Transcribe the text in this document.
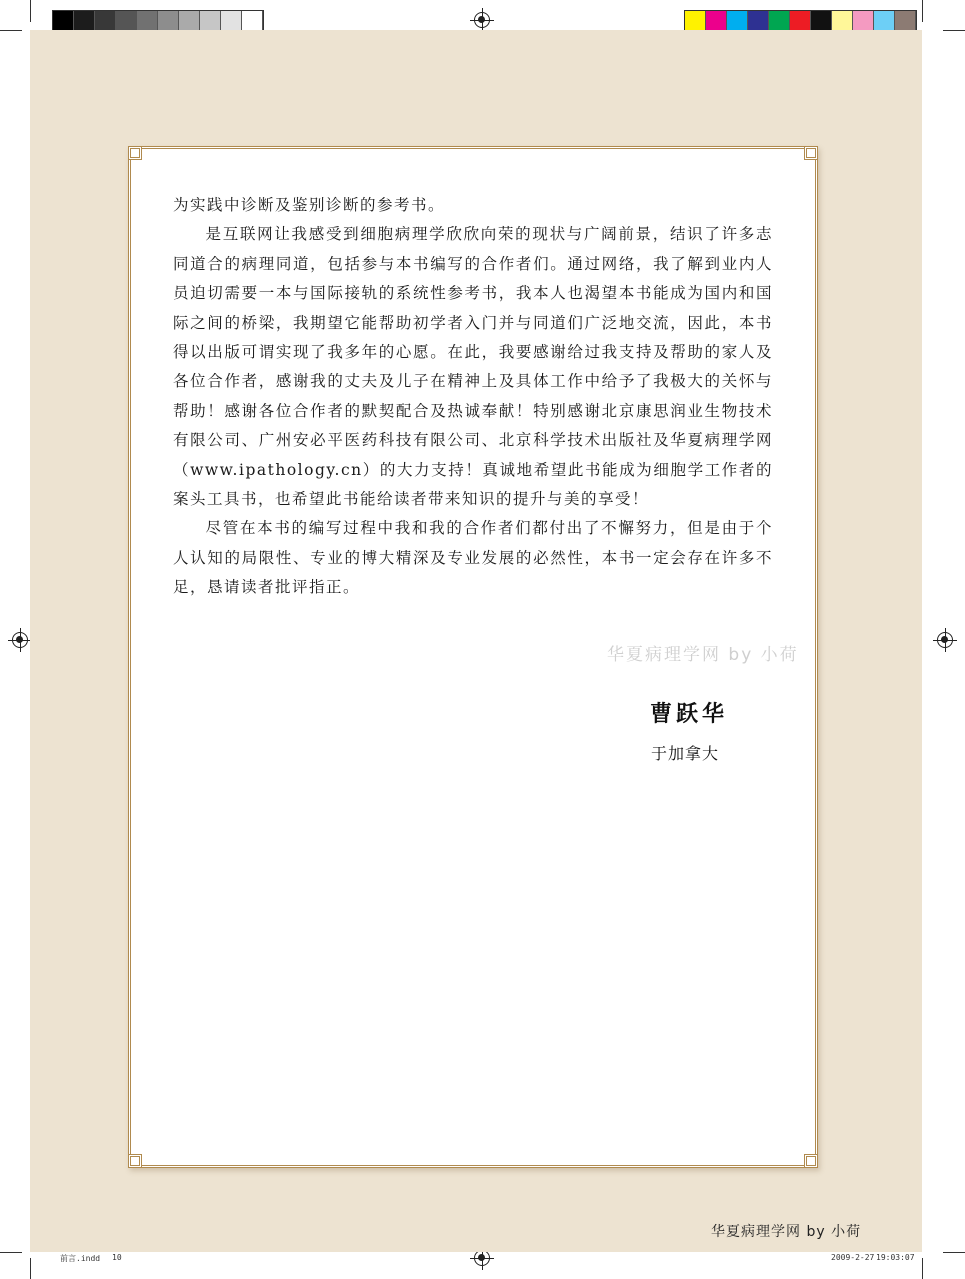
为实践中诊断及鉴别诊断的参考书。

是互联网让我感受到细胞病理学欣欣向荣的现状与广阔前景，结识了许多志同道合的病理同道，包括参与本书编写的合作者们。通过网络，我了解到业内人员迫切需要一本与国际接轨的系统性参考书，我本人也渴望本书能成为国内和国际之间的桥梁，我期望它能帮助初学者入门并与同道们广泛地交流，因此，本书得以出版可谓实现了我多年的心愿。在此，我要感谢给过我支持及帮助的家人及各位合作者，感谢我的丈夫及儿子在精神上及具体工作中给予了我极大的关怀与帮助！感谢各位合作者的默契配合及热诚奉献！特别感谢北京康思润业生物技术有限公司、广州安必平医药科技有限公司、北京科学技术出版社及华夏病理学网（www.ipathology.cn）的大力支持！真诚地希望此书能成为细胞学工作者的案头工具书，也希望此书能给读者带来知识的提升与美的享受！

尽管在本书的编写过程中我和我的合作者们都付出了不懈努力，但是由于个人认知的局限性、专业的博大精深及专业发展的必然性，本书一定会存在许多不足，恳请读者批评指正。

华夏病理学网 by 小荷
曹跃华
于加拿大
华夏病理学网 by 小荷
前言.indd 10	2009-2-27 19:03:07
